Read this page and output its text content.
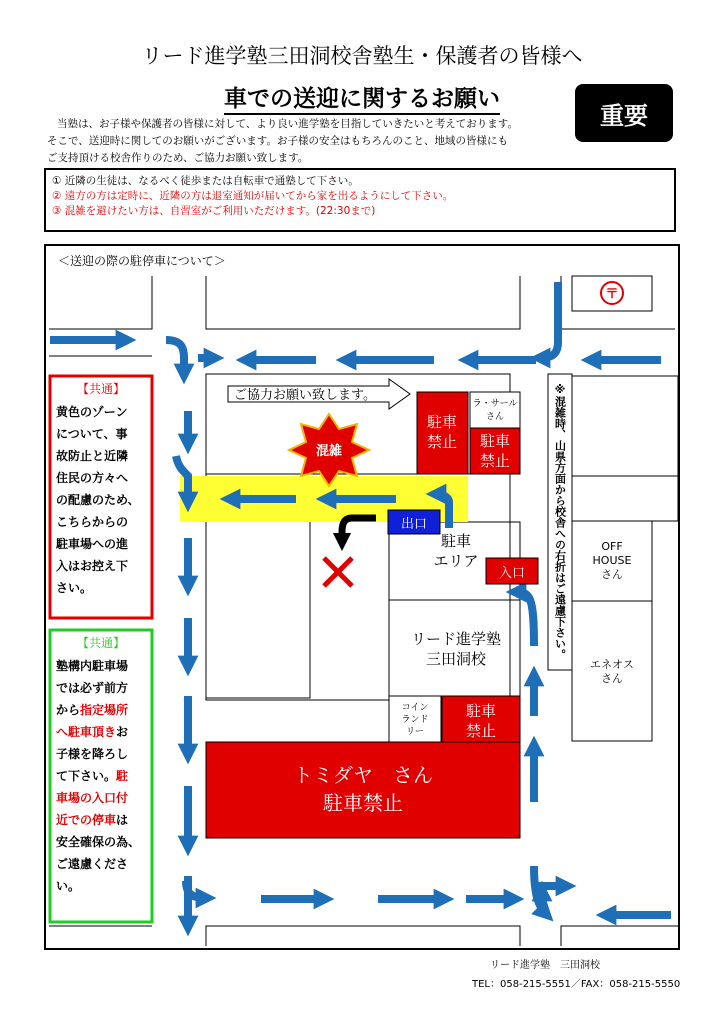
リード進学塾三田洞校舎塾生・保護者の皆様へ
車での送迎に関するお願い
重要
当塾は、お子様や保護者の皆様に対して、より良い進学塾を目指していきたいと考えております。
そこで、送迎時に関してのお願いがございます。お子様の安全はもちろんのこと、地域の皆様にも
ご支持頂ける校舎作りのため、ご協力お願い致します。
① 近隣の生徒は、なるべく徒歩または自転車で通塾して下さい。
② 遠方の方は定時に、近隣の方は退室通知が届いてから家を出るようにして下さい。
③ 混雑を避けたい方は、自習室がご利用いただけます。(22:30まで)
＜送迎の際の駐停車について＞
〒
ご協力お願い致します。
混雑
駐車
禁止
ラ・サール
さん
駐車
禁止
出口
入口
駐車
エリア
リード進学塾
三田洞校
コイン
ランド
リー
駐車
禁止
トミダヤ　さん
駐車禁止
OFF
HOUSE
さん
エネオス
さん
※混雑時、山県方面から校舎への右折はご遠慮下さい。
【共通】
黄色のゾーン
について、事
故防止と近隣
住民の方々へ
の配慮のため、
こちらからの
駐車場への進
入はお控え下
さい。
【共通】
塾構内駐車場
では必ず前方
から指定場所
へ駐車頂きお
子様を降ろし
て下さい。駐
車場の入口付
近での停車は
安全確保の為、
ご遠慮くださ
い。
リード進学塾　三田洞校
TEL：058-215-5551／FAX：058-215-5550
